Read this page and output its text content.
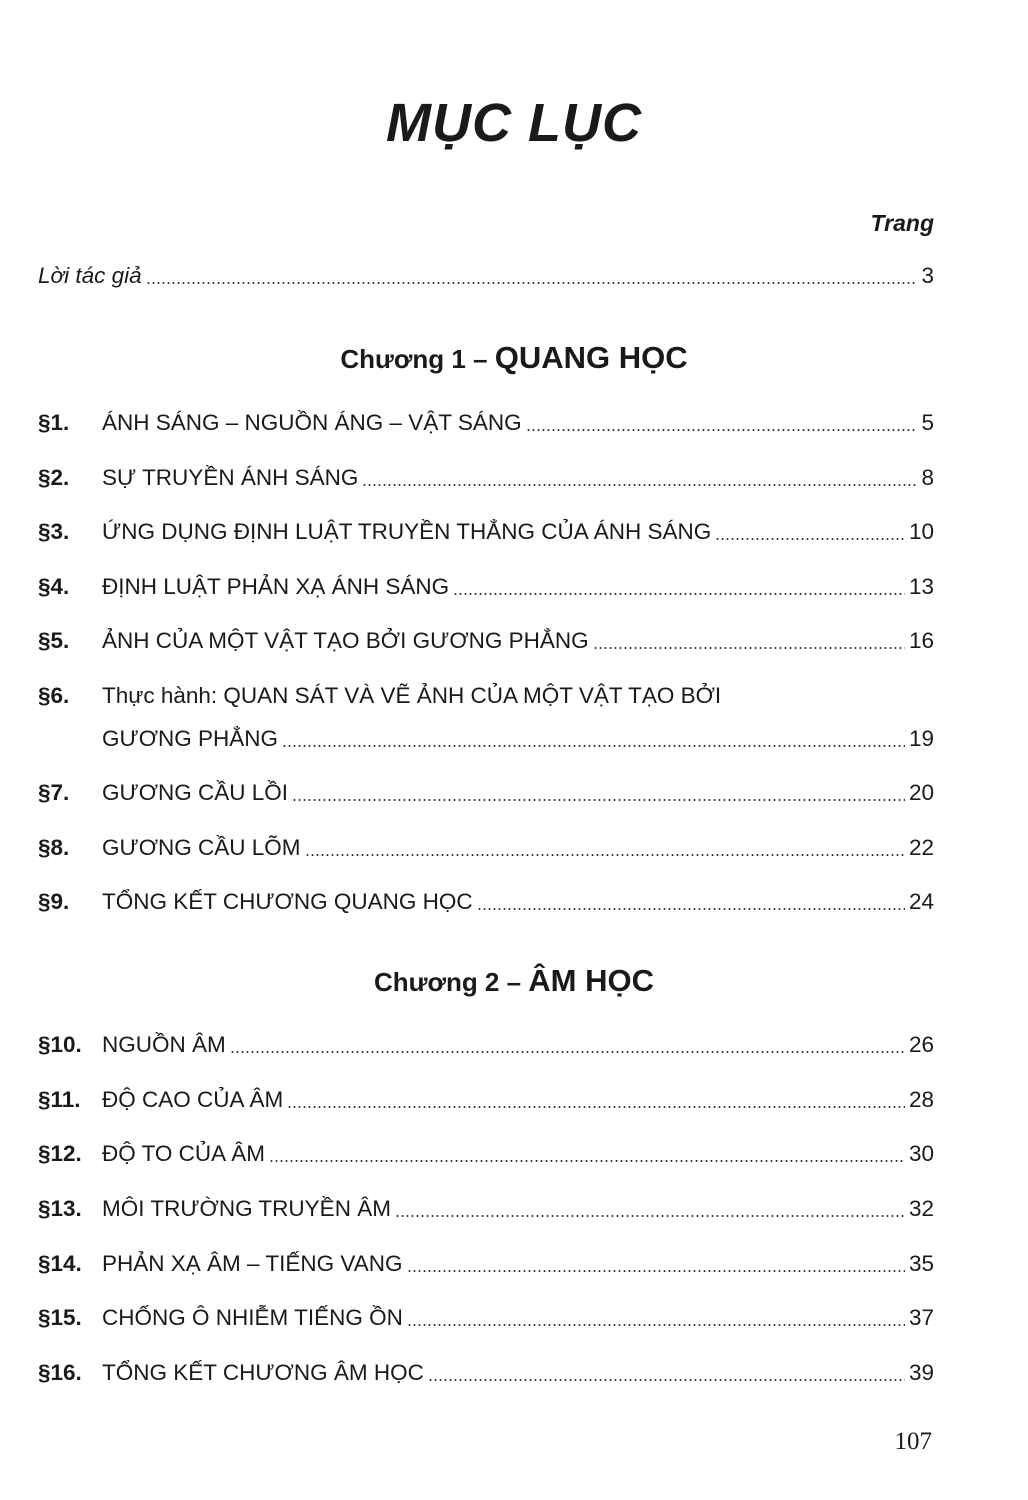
MỤC LỤC
Trang
Lời tác giả	3
Chương 1 – QUANG HỌC
§1.	ÁNH SÁNG – NGUỒN ÁNG – VẬT SÁNG	5
§2.	SỰ TRUYỀN ÁNH SÁNG	8
§3.	ỨNG DỤNG ĐỊNH LUẬT TRUYỀN THẲNG CỦA ÁNH SÁNG	10
§4.	ĐỊNH LUẬT PHẢN XẠ ÁNH SÁNG	13
§5.	ẢNH CỦA MỘT VẬT TẠO BỞI GƯƠNG PHẲNG	16
§6.	Thực hành: QUAN SÁT VÀ VẼ ẢNH CỦA MỘT VẬT TẠO BỞI
GƯƠNG PHẲNG	19
§7.	GƯƠNG CẦU LỒI	20
§8.	GƯƠNG CẦU LÕM	22
§9.	TỔNG KẾT CHƯƠNG QUANG HỌC	24
Chương 2 – ÂM HỌC
§10. NGUỒN ÂM	26
§11. ĐỘ CAO CỦA ÂM	28
§12. ĐỘ TO CỦA ÂM	30
§13. MÔI TRƯỜNG TRUYỀN ÂM	32
§14. PHẢN XẠ ÂM – TIẾNG VANG	35
§15. CHỐNG Ô NHIỄM TIẾNG ỒN	37
§16. TỔNG KẾT CHƯƠNG ÂM HỌC	39
107
